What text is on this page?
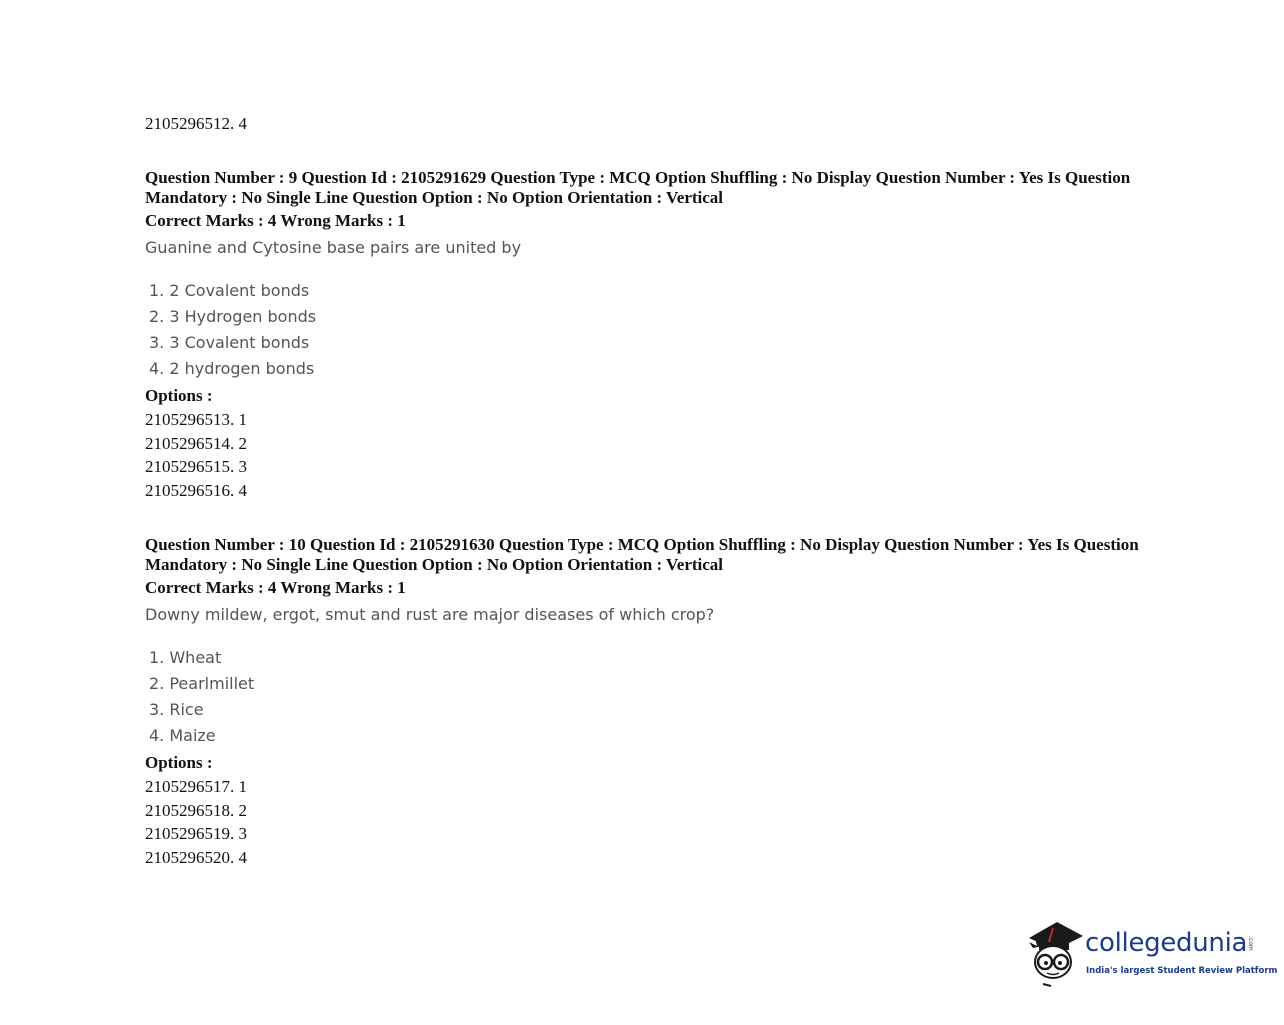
2105296512. 4
Question Number : 9 Question Id : 2105291629 Question Type : MCQ Option Shuffling : No Display Question Number : Yes Is Question Mandatory : No Single Line Question Option : No Option Orientation : Vertical
Correct Marks : 4 Wrong Marks : 1
Guanine and Cytosine base pairs are united by
1. 2 Covalent bonds
2. 3 Hydrogen bonds
3. 3 Covalent bonds
4. 2 hydrogen bonds
Options :
2105296513. 1
2105296514. 2
2105296515. 3
2105296516. 4
Question Number : 10 Question Id : 2105291630 Question Type : MCQ Option Shuffling : No Display Question Number : Yes Is Question Mandatory : No Single Line Question Option : No Option Orientation : Vertical
Correct Marks : 4 Wrong Marks : 1
Downy mildew, ergot, smut and rust are major diseases of which crop?
1. Wheat
2. Pearlmillet
3. Rice
4. Maize
Options :
2105296517. 1
2105296518. 2
2105296519. 3
2105296520. 4
collegedunia .com
India's largest Student Review Platform
